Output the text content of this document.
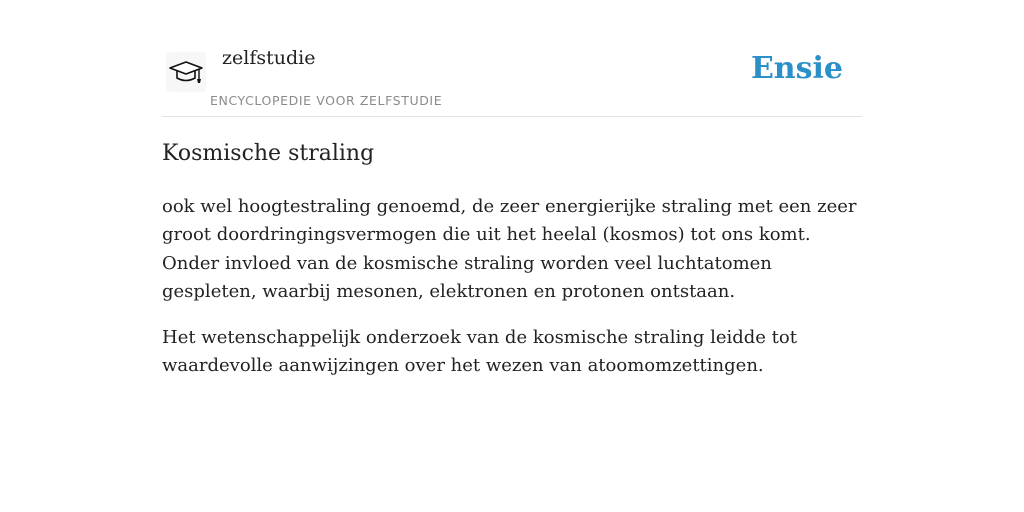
zelfstudie
ENCYCLOPEDIE VOOR ZELFSTUDIE
Ensie
Kosmische straling

ook wel hoogtestraling genoemd, de zeer energierijke straling met een zeer groot doordringingsvermogen die uit het heelal (kosmos) tot ons komt. Onder invloed van de kosmische straling worden veel luchtatomen gespleten, waarbij mesonen, elektronen en protonen ontstaan.

Het wetenschappelijk onderzoek van de kosmische straling leidde tot waardevolle aanwijzingen over het wezen van atoomomzettingen.
